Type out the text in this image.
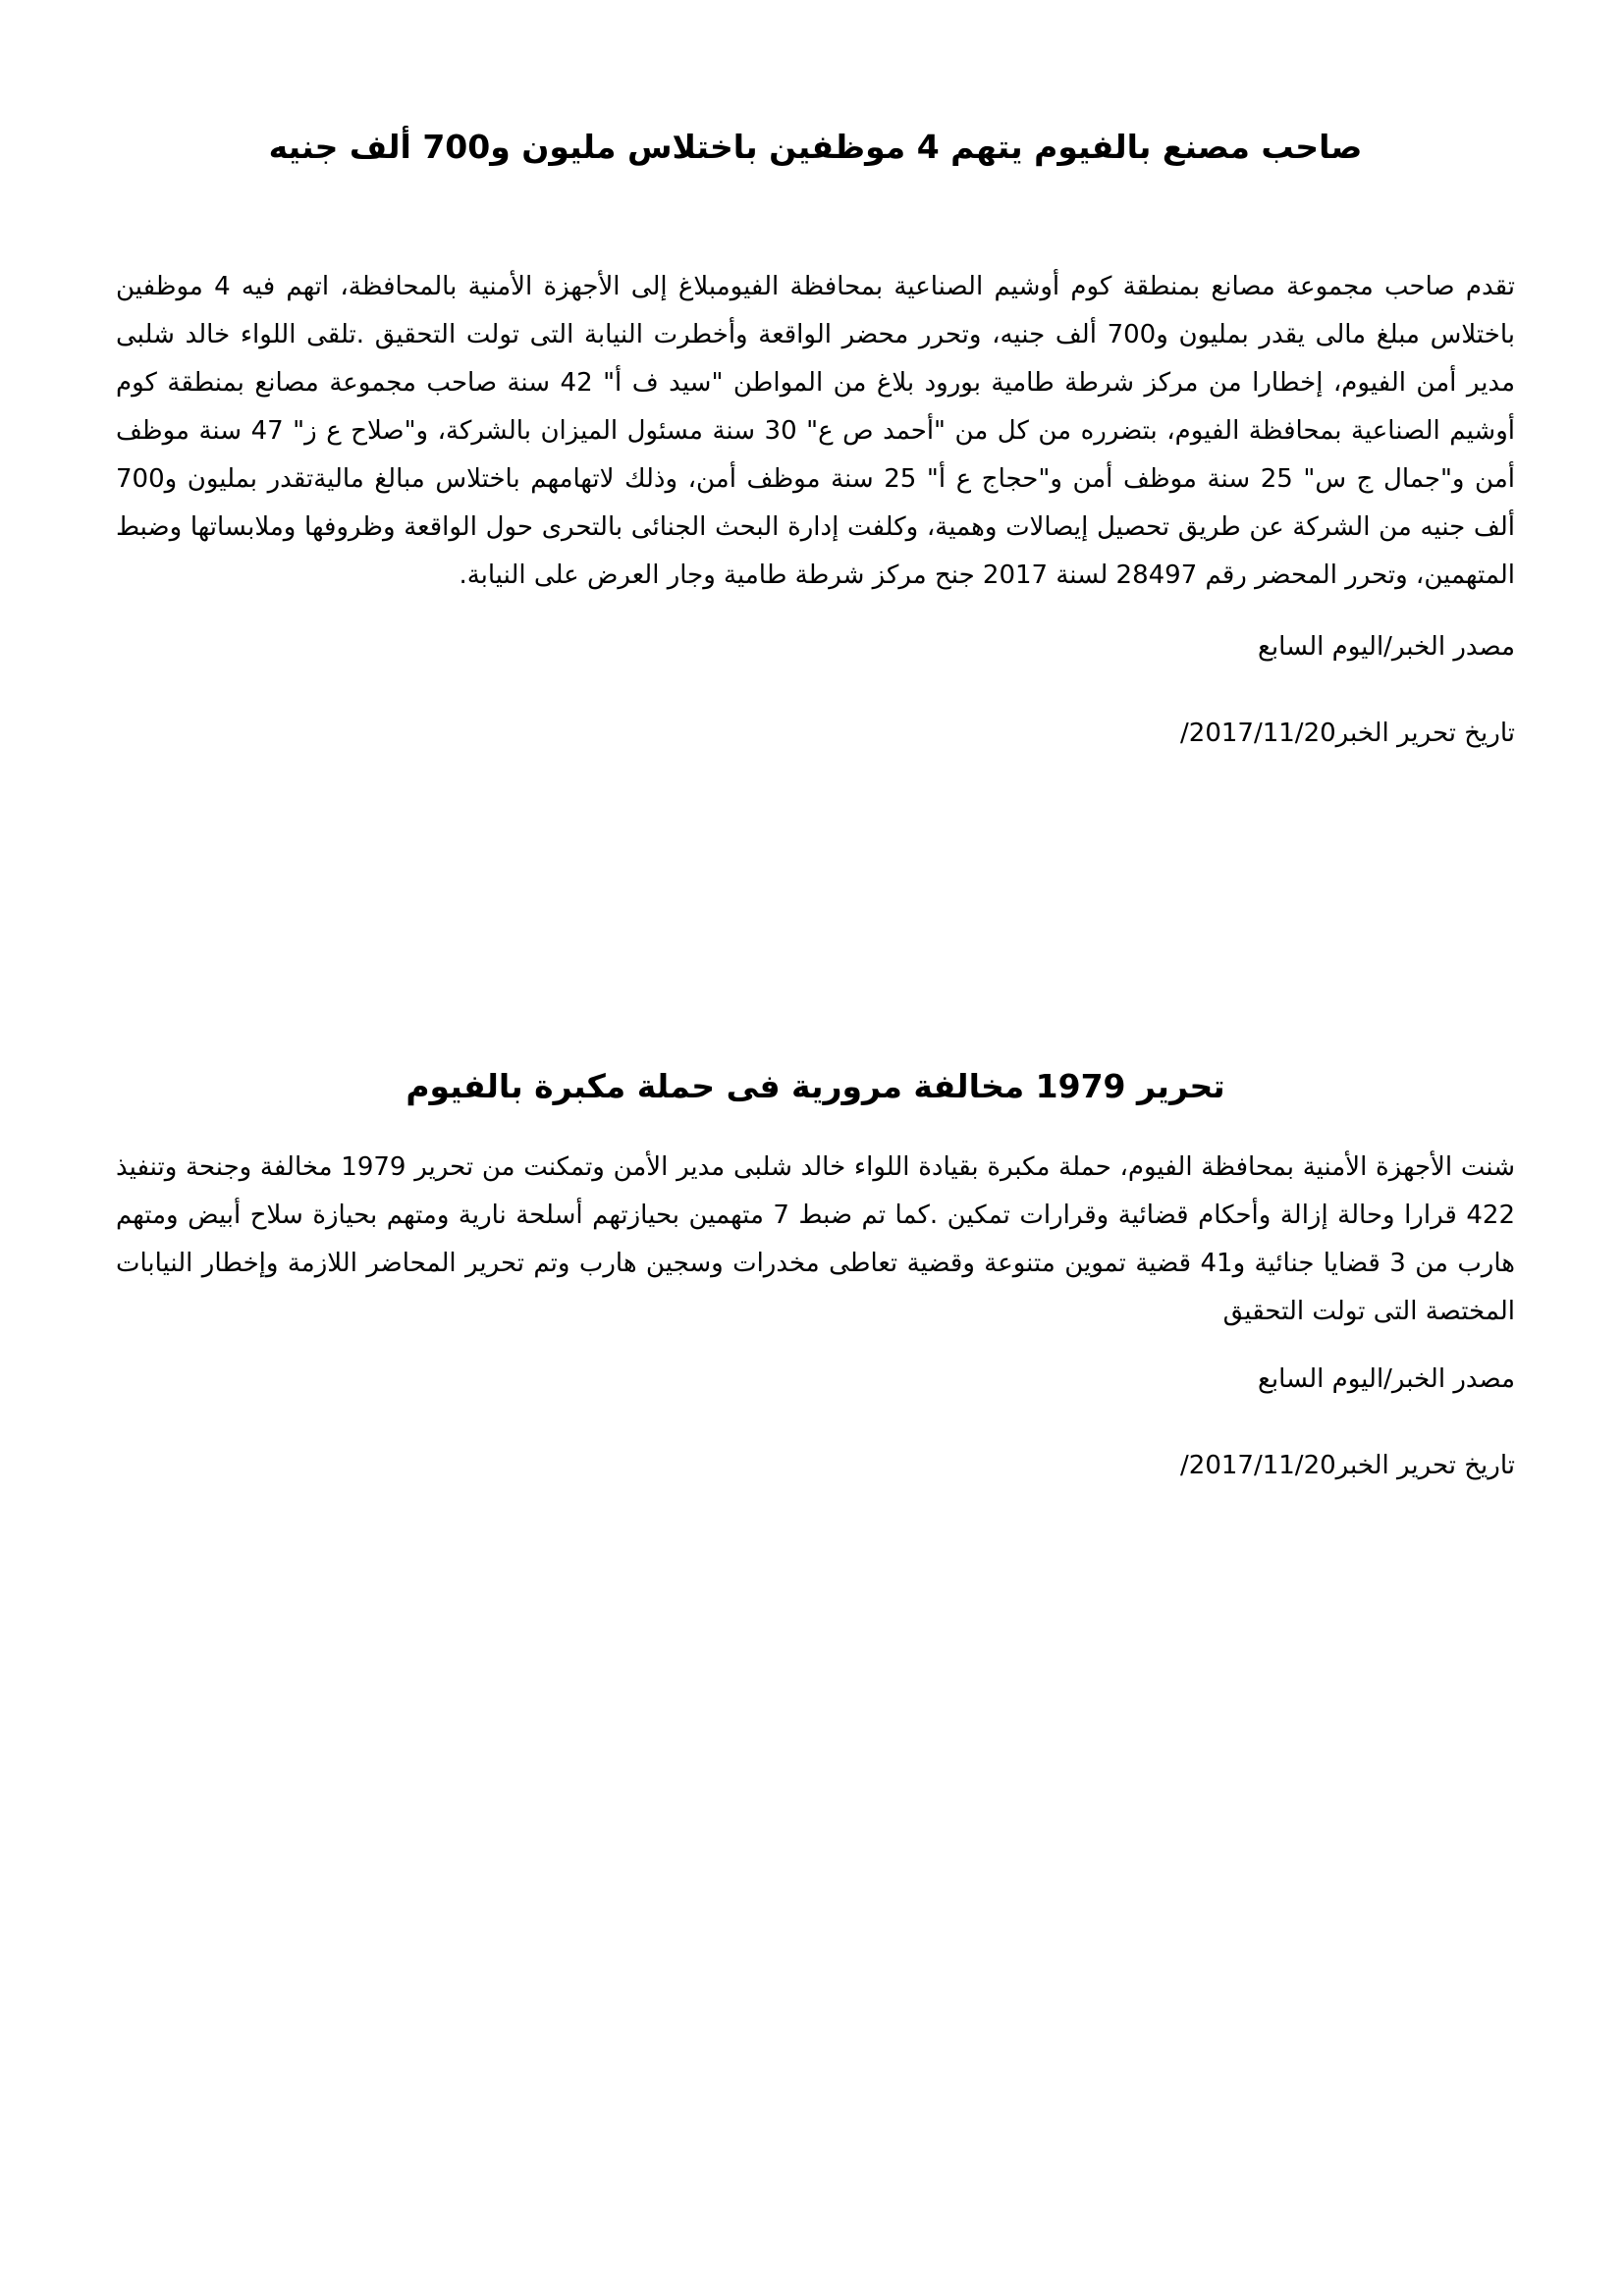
صاحب مصنع بالفيوم يتهم 4 موظفين باختلاس مليون و700 ألف جنيه

تقدم صاحب مجموعة مصانع بمنطقة كوم أوشيم الصناعية بمحافظة الفيومبلاغ إلى الأجهزة الأمنية بالمحافظة، اتهم فيه 4 موظفين باختلاس مبلغ مالى يقدر بمليون و700 ألف جنيه، وتحرر محضر الواقعة وأخطرت النيابة التى تولت التحقيق .تلقى اللواء خالد شلبى مدير أمن الفيوم، إخطارا من مركز شرطة طامية بورود بلاغ من المواطن "سيد ف أ" 42 سنة صاحب مجموعة مصانع بمنطقة كوم أوشيم الصناعية بمحافظة الفيوم، بتضرره من كل من "أحمد ص ع" 30 سنة مسئول الميزان بالشركة، و"صلاح ع ز" 47 سنة موظف أمن و"جمال ج س" 25 سنة موظف أمن و"حجاج ع أ" 25 سنة موظف أمن، وذلك لاتهامهم باختلاس مبالغ ماليةتقدر بمليون و700 ألف جنيه من الشركة عن طريق تحصيل إيصالات وهمية، وكلفت إدارة البحث الجنائى بالتحرى حول الواقعة وظروفها وملابساتها وضبط المتهمين، وتحرر المحضر رقم 28497 لسنة 2017 جنح مركز شرطة طامية وجار العرض على النيابة.

مصدر الخبر/اليوم السابع

تاريخ تحرير الخبر2017/11/20/

تحرير 1979 مخالفة مرورية فى حملة مكبرة بالفيوم

شنت الأجهزة الأمنية بمحافظة الفيوم، حملة مكبرة بقيادة اللواء خالد شلبى مدير الأمن وتمكنت من تحرير 1979 مخالفة وجنحة وتنفيذ 422 قرارا وحالة إزالة وأحكام قضائية وقرارات تمكين .كما تم ضبط 7 متهمين بحيازتهم أسلحة نارية ومتهم بحيازة سلاح أبيض ومتهم هارب من 3 قضايا جنائية و41 قضية تموين متنوعة وقضية تعاطى مخدرات وسجين هارب وتم تحرير المحاضر اللازمة وإخطار النيابات المختصة التى تولت التحقيق

مصدر الخبر/اليوم السابع

تاريخ تحرير الخبر2017/11/20/
